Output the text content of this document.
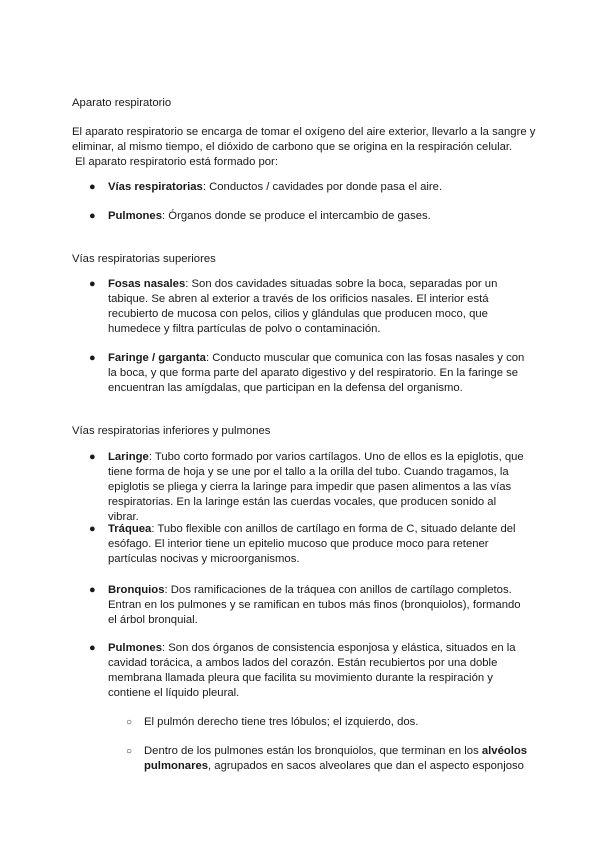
Aparato respiratorio

El aparato respiratorio se encarga de tomar el oxígeno del aire exterior, llevarlo a la sangre y eliminar, al mismo tiempo, el dióxido de carbono que se origina en la respiración celular.
El aparato respiratorio está formado por:

● Vías respiratorias: Conductos / cavidades por donde pasa el aire.

● Pulmones: Órganos donde se produce el intercambio de gases.

Vías respiratorias superiores

● Fosas nasales: Son dos cavidades situadas sobre la boca, separadas por un tabique. Se abren al exterior a través de los orificios nasales. El interior está recubierto de mucosa con pelos, cilios y glándulas que producen moco, que humedece y filtra partículas de polvo o contaminación.

● Faringe / garganta: Conducto muscular que comunica con las fosas nasales y con la boca, y que forma parte del aparato digestivo y del respiratorio. En la faringe se encuentran las amígdalas, que participan en la defensa del organismo.

Vías respiratorias inferiores y pulmones

● Laringe: Tubo corto formado por varios cartílagos. Uno de ellos es la epiglotis, que tiene forma de hoja y se une por el tallo a la orilla del tubo. Cuando tragamos, la epiglotis se pliega y cierra la laringe para impedir que pasen alimentos a las vías respiratorias. En la laringe están las cuerdas vocales, que producen sonido al vibrar.

● Tráquea: Tubo flexible con anillos de cartílago en forma de C, situado delante del esófago. El interior tiene un epitelio mucoso que produce moco para retener partículas nocivas y microorganismos.

● Bronquios: Dos ramificaciones de la tráquea con anillos de cartílago completos. Entran en los pulmones y se ramifican en tubos más finos (bronquiolos), formando el árbol bronquial.

● Pulmones: Son dos órganos de consistencia esponjosa y elástica, situados en la cavidad torácica, a ambos lados del corazón. Están recubiertos por una doble membrana llamada pleura que facilita su movimiento durante la respiración y contiene el líquido pleural.

○ El pulmón derecho tiene tres lóbulos; el izquierdo, dos.

○ Dentro de los pulmones están los bronquiolos, que terminan en los alvéolos pulmonares, agrupados en sacos alveolares que dan el aspecto esponjoso
